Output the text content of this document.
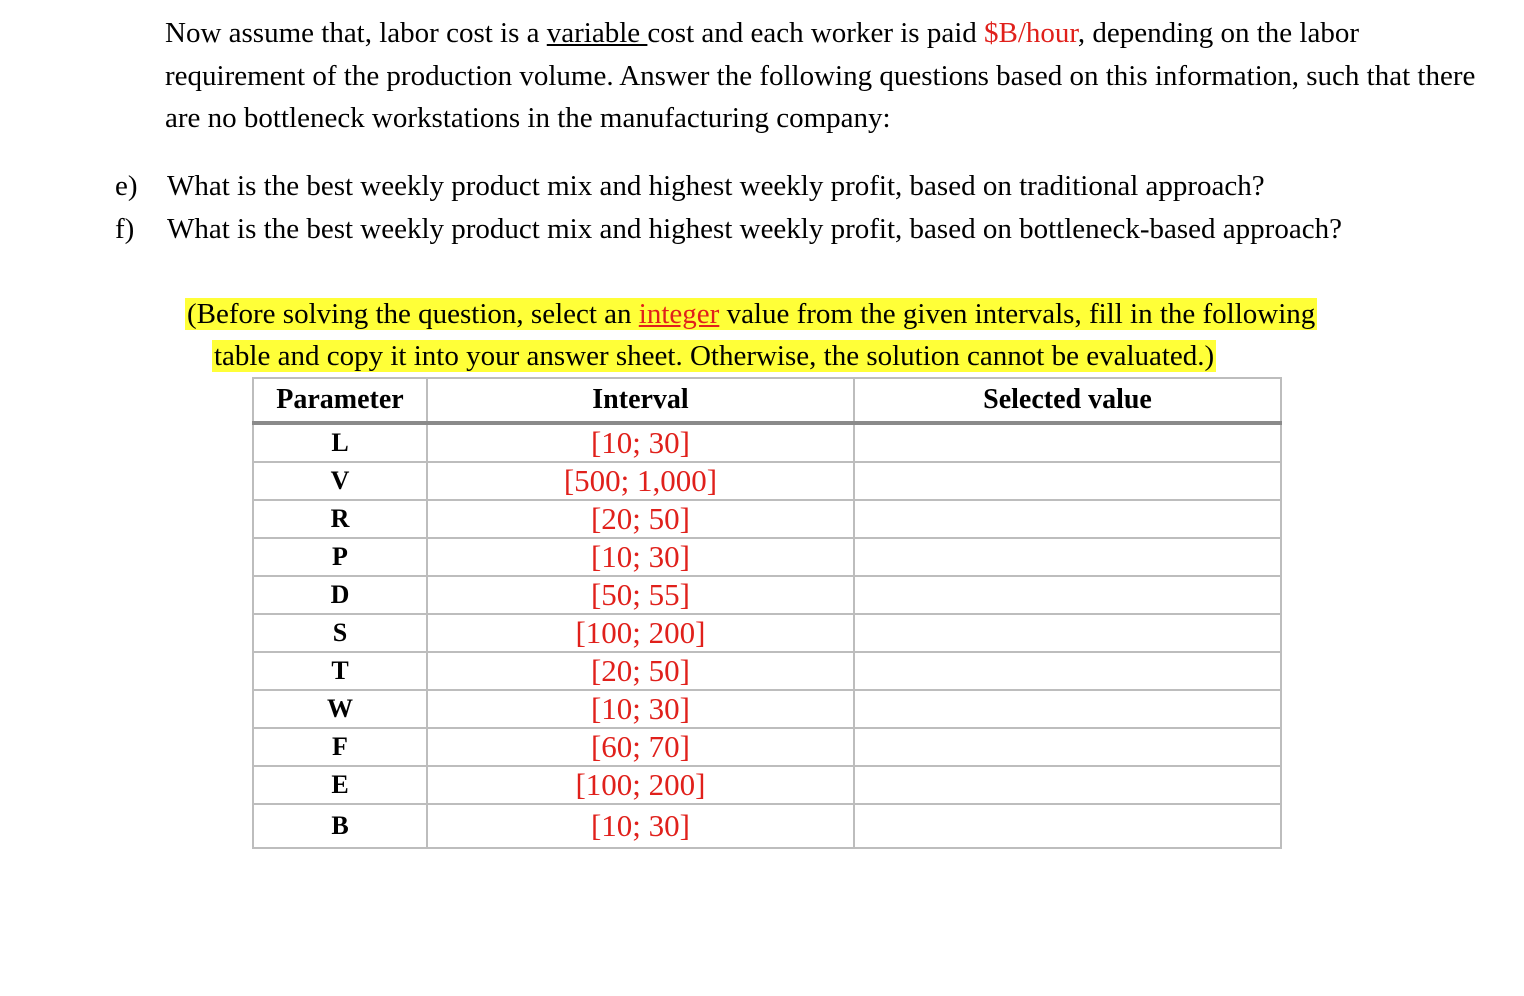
Now assume that, labor cost is a variable cost and each worker is paid $B/hour, depending on the labor requirement of the production volume. Answer the following questions based on this information, such that there are no bottleneck workstations in the manufacturing company:
e) What is the best weekly product mix and highest weekly profit, based on traditional approach?
f) What is the best weekly product mix and highest weekly profit, based on bottleneck-based approach?
(Before solving the question, select an integer value from the given intervals, fill in the following
table and copy it into your answer sheet. Otherwise, the solution cannot be evaluated.)
Parameter	Interval	Selected value
L	[10; 30]	
V	[500; 1,000]	
R	[20; 50]	
P	[10; 30]	
D	[50; 55]	
S	[100; 200]	
T	[20; 50]	
W	[10; 30]	
F	[60; 70]	
E	[100; 200]	
B	[10; 30]	
